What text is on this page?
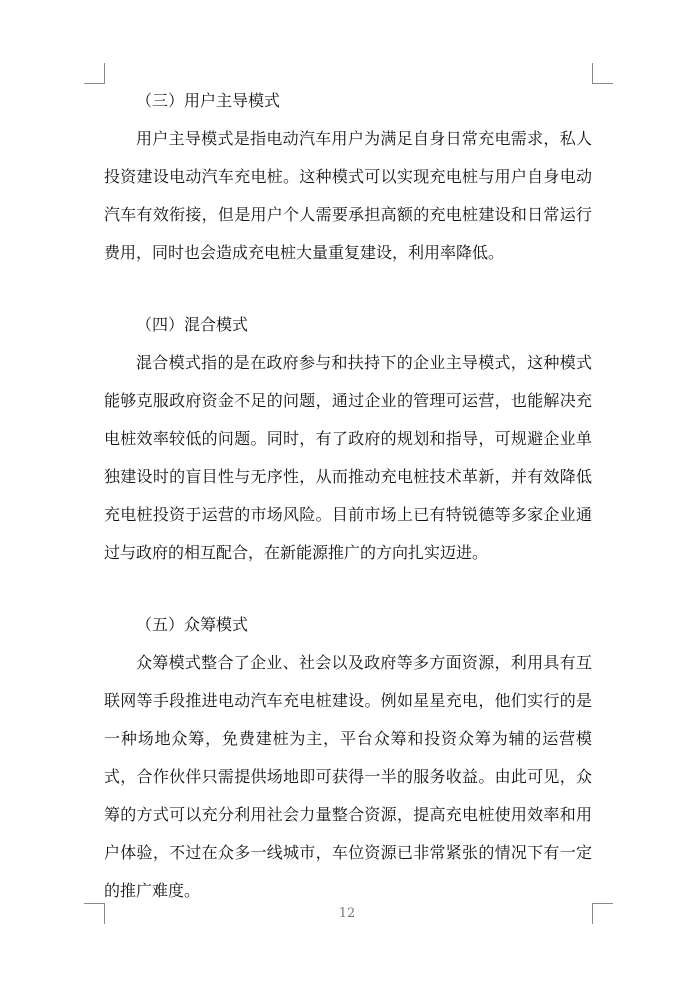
（三）用户主导模式

用户主导模式是指电动汽车用户为满足自身日常充电需求，私人投资建设电动汽车充电桩。这种模式可以实现充电桩与用户自身电动汽车有效衔接，但是用户个人需要承担高额的充电桩建设和日常运行费用，同时也会造成充电桩大量重复建设，利用率降低。

（四）混合模式

混合模式指的是在政府参与和扶持下的企业主导模式，这种模式能够克服政府资金不足的问题，通过企业的管理可运营，也能解决充电桩效率较低的问题。同时，有了政府的规划和指导，可规避企业单独建设时的盲目性与无序性，从而推动充电桩技术革新，并有效降低充电桩投资于运营的市场风险。目前市场上已有特锐德等多家企业通过与政府的相互配合，在新能源推广的方向扎实迈进。

（五）众筹模式

众筹模式整合了企业、社会以及政府等多方面资源，利用具有互联网等手段推进电动汽车充电桩建设。例如星星充电，他们实行的是一种场地众筹，免费建桩为主，平台众筹和投资众筹为辅的运营模式，合作伙伴只需提供场地即可获得一半的服务收益。由此可见，众筹的方式可以充分利用社会力量整合资源，提高充电桩使用效率和用户体验，不过在众多一线城市，车位资源已非常紧张的情况下有一定的推广难度。

12
